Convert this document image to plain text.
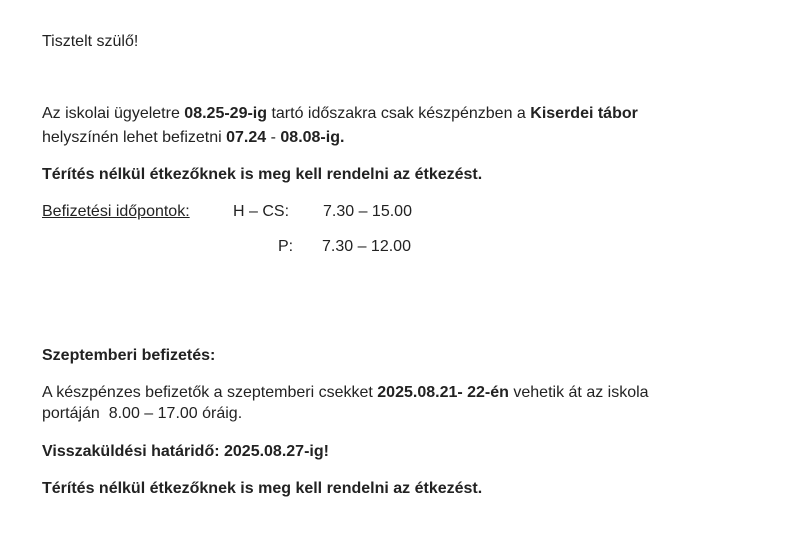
Tisztelt szülő!

Az iskolai ügyeletre 08.25-29-ig tartó időszakra csak készpénzben a Kiserdei tábor

helyszínén lehet befizetni 07.24 - 08.08-ig.

Térítés nélkül étkezőknek is meg kell rendelni az étkezést.

Befizetési időpontok:	H – CS: 7.30 – 15.00
P: 7.30 – 12.00

Szeptemberi befizetés:

A készpénzes befizetők a szeptemberi csekket 2025.08.21- 22-én vehetik át az iskola

portáján  8.00 – 17.00 óráig.

Visszaküldési határidő: 2025.08.27-ig!

Térítés nélkül étkezőknek is meg kell rendelni az étkezést.
